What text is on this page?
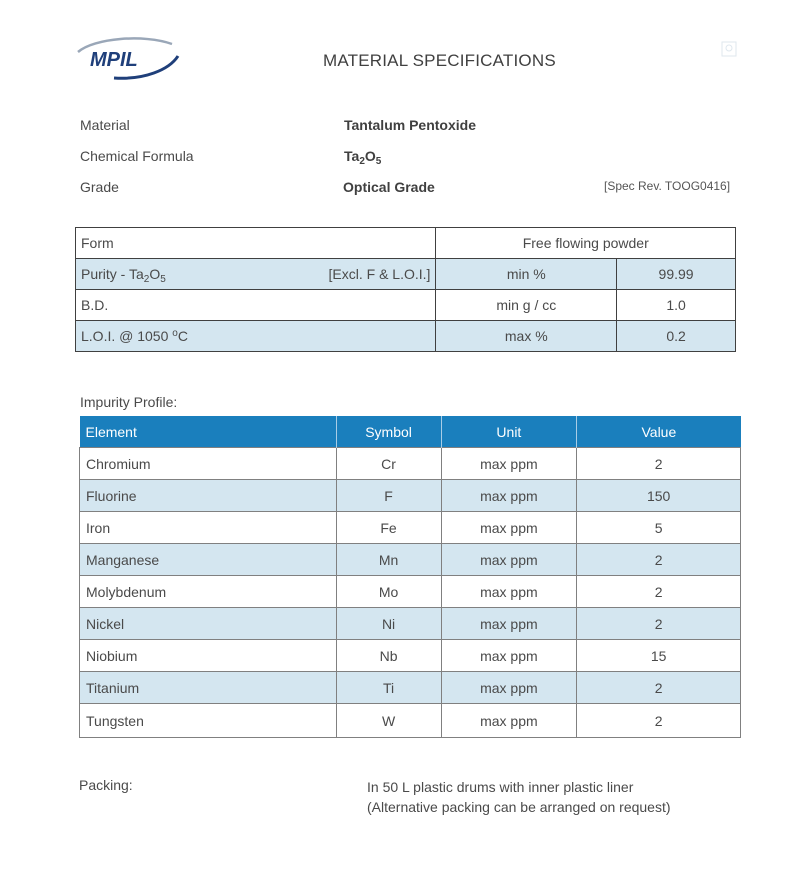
MPIL	MATERIAL SPECIFICATIONS
Material	Tantalum Pentoxide
Chemical Formula	$Ta_2O_5$
Grade	Optical Grade	[Spec Rev. TOOG0416]
Form	Free flowing powder	

Purity - $Ta_2O_5$ [Excl. F & L.O.I.]	min %	99.99
B.D.	min g / cc	1.0
L.O.I. @ 1050 $^o$C	max %	0.2
Impurity Profile:
Element	Symbol	Unit	Value
Chromium	Cr	max ppm	2
Fluorine	F	max ppm	150
Iron	Fe	max ppm	5
Manganese	Mn	max ppm	2
Molybdenum	Mo	max ppm	2
Nickel	Ni	max ppm	2
Niobium	Nb	max ppm	15
Titanium	Ti	max ppm	2
Tungsten	W	max ppm	2
Packing:	In 50 L plastic drums with inner plastic liner
(Alternative packing can be arranged on request)
